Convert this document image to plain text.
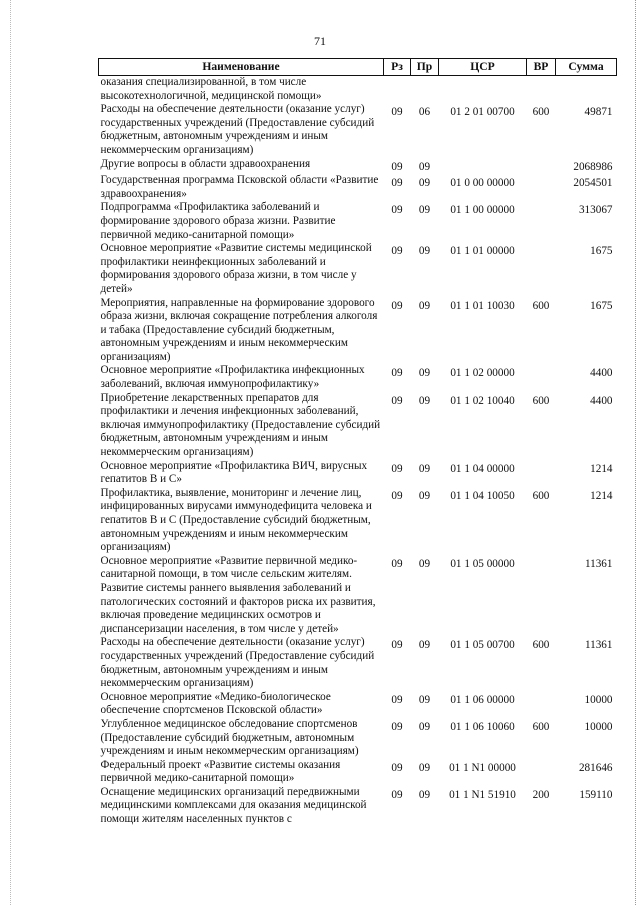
71
Наименование	Рз	Пр	ЦСР	ВР	Сумма
оказания специализированной, в том числе высокотехнологичной, медицинской помощи»					
Расходы на обеспечение деятельности (оказание услуг) государственных учреждений (Предоставление субсидий бюджетным, автономным учреждениям и иным некоммерческим организациям)	09	06	01 2 01 00700	600	49871
Другие вопросы в области здравоохранения	09	09			2068986
Государственная программа Псковской области «Развитие здравоохранения»	09	09	01 0 00 00000		2054501
Подпрограмма «Профилактика заболеваний и формирование здорового образа жизни. Развитие первичной медико-санитарной помощи»	09	09	01 1 00 00000		313067
Основное мероприятие «Развитие системы медицинской профилактики неинфекционных заболеваний и формирования здорового образа жизни, в том числе у детей»	09	09	01 1 01 00000		1675
Мероприятия, направленные на формирование здорового образа жизни, включая сокращение потребления алкоголя и табака (Предоставление субсидий бюджетным, автономным учреждениям и иным некоммерческим организациям)	09	09	01 1 01 10030	600	1675
Основное мероприятие «Профилактика инфекционных заболеваний, включая иммунопрофилактику»	09	09	01 1 02 00000		4400
Приобретение лекарственных препаратов для профилактики и лечения инфекционных заболеваний, включая иммунопрофилактику (Предоставление субсидий бюджетным, автономным учреждениям и иным некоммерческим организациям)	09	09	01 1 02 10040	600	4400
Основное мероприятие «Профилактика ВИЧ, вирусных гепатитов В и С»	09	09	01 1 04 00000		1214
Профилактика, выявление, мониторинг и лечение лиц, инфицированных вирусами иммунодефицита человека и гепатитов В и С (Предоставление субсидий бюджетным, автономным учреждениям и иным некоммерческим организациям)	09	09	01 1 04 10050	600	1214
Основное мероприятие «Развитие первичной медико-санитарной помощи, в том числе сельским жителям. Развитие системы раннего выявления заболеваний и патологических состояний и факторов риска их развития, включая проведение медицинских осмотров и диспансеризации населения, в том числе у детей»	09	09	01 1 05 00000		11361
Расходы на обеспечение деятельности (оказание услуг) государственных учреждений (Предоставление субсидий бюджетным, автономным учреждениям и иным некоммерческим организациям)	09	09	01 1 05 00700	600	11361
Основное мероприятие «Медико-биологическое обеспечение спортсменов Псковской области»	09	09	01 1 06 00000		10000
Углубленное медицинское обследование спортсменов (Предоставление субсидий бюджетным, автономным учреждениям и иным некоммерческим организациям)	09	09	01 1 06 10060	600	10000
Федеральный проект «Развитие системы оказания первичной медико-санитарной помощи»	09	09	01 1 N1 00000		281646
Оснащение медицинских организаций передвижными медицинскими комплексами для оказания медицинской помощи жителям населенных пунктов с	09	09	01 1 N1 51910	200	159110
